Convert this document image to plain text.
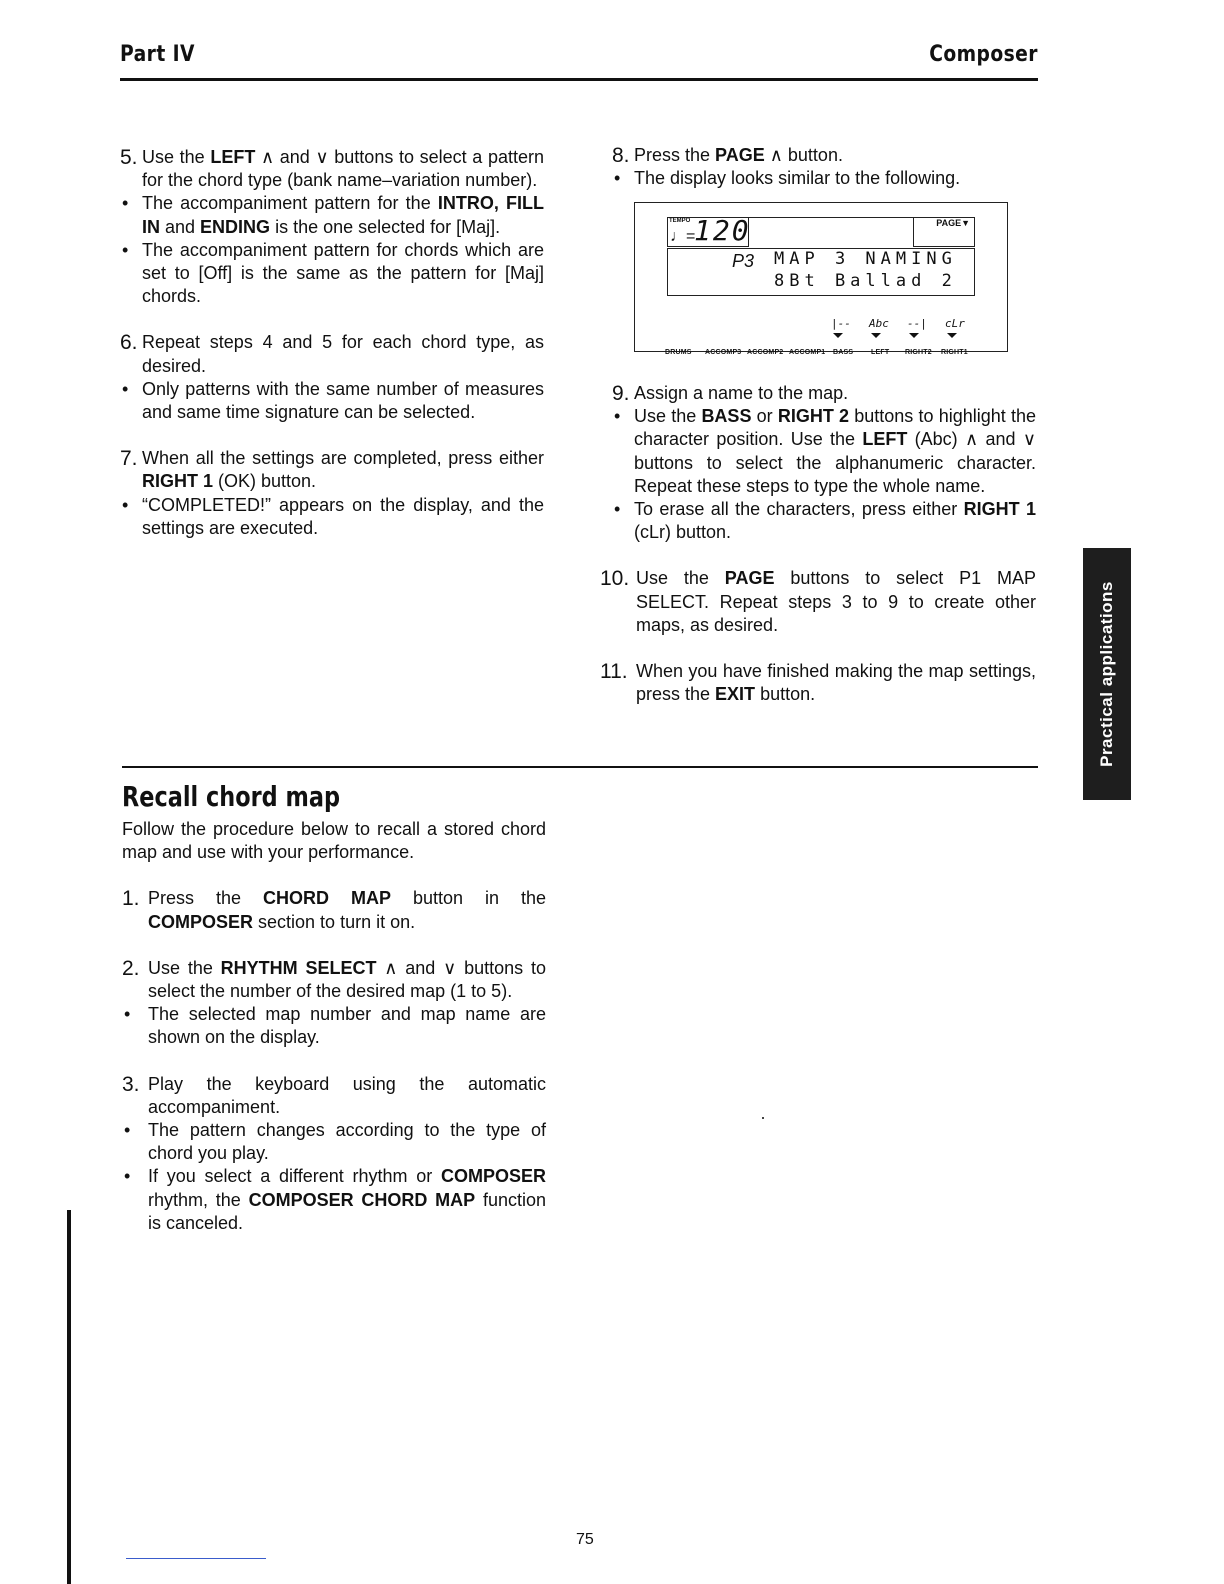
Part IV	Composer
5. Use the LEFT ∧ and ∨ buttons to select a pattern for the chord type (bank name–variation number).
• The accompaniment pattern for the INTRO, FILL IN and ENDING is the one selected for [Maj].
• The accompaniment pattern for chords which are set to [Off] is the same as the pattern for [Maj] chords.
6. Repeat steps 4 and 5 for each chord type, as desired.
• Only patterns with the same number of measures and same time signature can be selected.
7. When all the settings are completed, press either RIGHT 1 (OK) button.
• “COMPLETED!” appears on the display, and the settings are executed.
8. Press the PAGE ∧ button.
• The display looks similar to the following.
TEMPO
♩=
120	PAGE▼
P3 MAP 3 NAMING
8Bt Ballad 2
|-- Abc --| cLr
DRUMS ACCOMP3 ACCOMP2 ACCOMP1 BASS	LEFT RIGHT2 RIGHT1
9. Assign a name to the map.
• Use the BASS or RIGHT 2 buttons to highlight the character position. Use the LEFT (Abc) ∧ and ∨ buttons to select the alphanumeric character. Repeat these steps to type the whole name.
• To erase all the characters, press either RIGHT 1 (cLr) button.
10. Use the PAGE buttons to select P1 MAP SELECT. Repeat steps 3 to 9 to create other maps, as desired.
11. When you have finished making the map settings, press the EXIT button.
Recall chord map
Follow the procedure below to recall a stored chord map and use with your performance.
1. Press the CHORD MAP button in the COMPOSER section to turn it on.
2. Use the RHYTHM SELECT ∧ and ∨ buttons to select the number of the desired map (1 to 5).
• The selected map number and map name are shown on the display.
3. Play the keyboard using the automatic accompaniment.
• The pattern changes according to the type of chord you play.
• If you select a different rhythm or COMPOSER rhythm, the COMPOSER CHORD MAP function is canceled.
Practical applications
75
